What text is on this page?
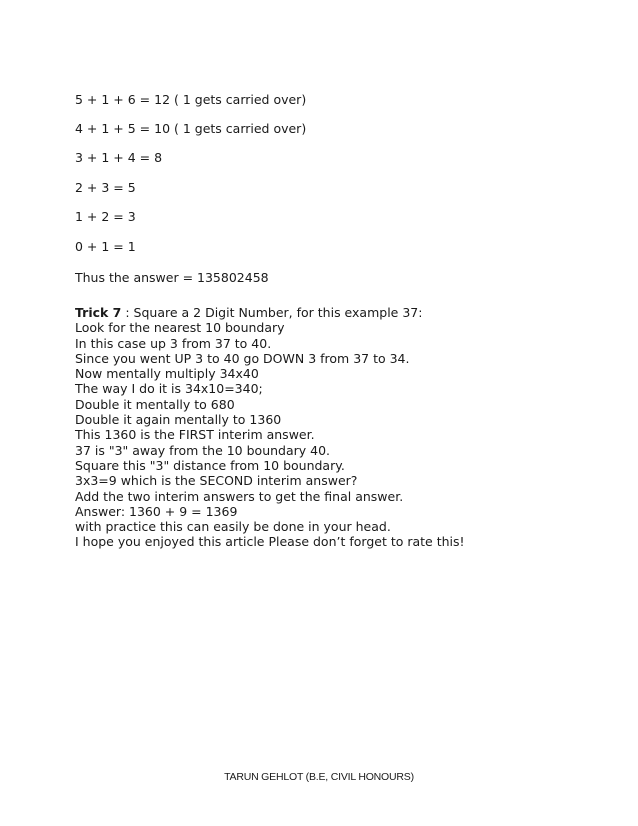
5 + 1 + 6 = 12 ( 1 gets carried over)
4 + 1 + 5 = 10 ( 1 gets carried over)
3 + 1 + 4 = 8
2 + 3 = 5
1 + 2 = 3
0 + 1 = 1
Thus the answer = 135802458
Trick 7 : Square a 2 Digit Number, for this example 37:
Look for the nearest 10 boundary
In this case up 3 from 37 to 40.
Since you went UP 3 to 40 go DOWN 3 from 37 to 34.
Now mentally multiply 34x40
The way I do it is 34x10=340;
Double it mentally to 680
Double it again mentally to 1360
This 1360 is the FIRST interim answer.
37 is "3" away from the 10 boundary 40.
Square this "3" distance from 10 boundary.
3x3=9 which is the SECOND interim answer?
Add the two interim answers to get the final answer.
Answer: 1360 + 9 = 1369
with practice this can easily be done in your head.
I hope you enjoyed this article Please don’t forget to rate this!
TARUN GEHLOT (B.E, CIVIL HONOURS)
